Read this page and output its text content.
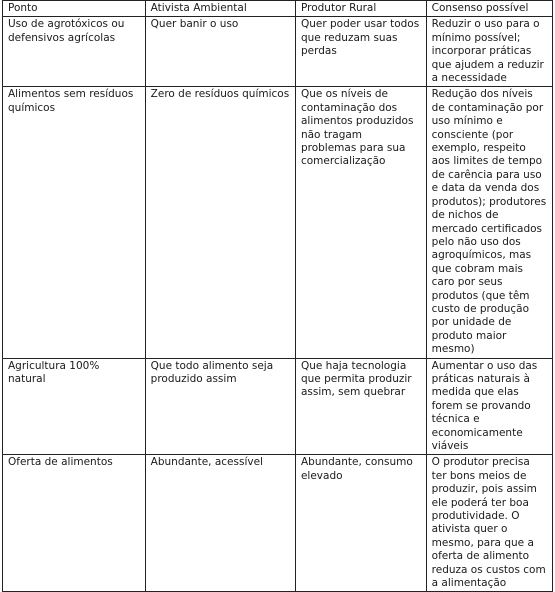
Ponto	Ativista Ambiental	Produtor Rural	Consenso possível
Uso de agrotóxicos ou defensivos agrícolas	Quer banir o uso	Quer poder usar todos que reduzam suas perdas	Reduzir o uso para o mínimo possível; incorporar práticas que ajudem a reduzir a necessidade
Alimentos sem resíduos químicos	Zero de resíduos químicos	Que os níveis de contaminação dos alimentos produzidos não tragam problemas para sua comercialização	Redução dos níveis de contaminação por uso mínimo e consciente (por exemplo, respeito aos limites de tempo de carência para uso e data da venda dos produtos); produtores de nichos de mercado certificados pelo não uso dos agroquímicos, mas que cobram mais caro por seus produtos (que têm custo de produção por unidade de produto maior mesmo)
Agricultura 100% natural	Que todo alimento seja produzido assim	Que haja tecnologia que permita produzir assim, sem quebrar	Aumentar o uso das práticas naturais à medida que elas forem se provando técnica e economicamente viáveis
Oferta de alimentos	Abundante, acessível	Abundante, consumo elevado	O produtor precisa ter bons meios de produzir, pois assim ele poderá ter boa produtividade. O ativista quer o mesmo, para que a oferta de alimento reduza os custos com a alimentação
